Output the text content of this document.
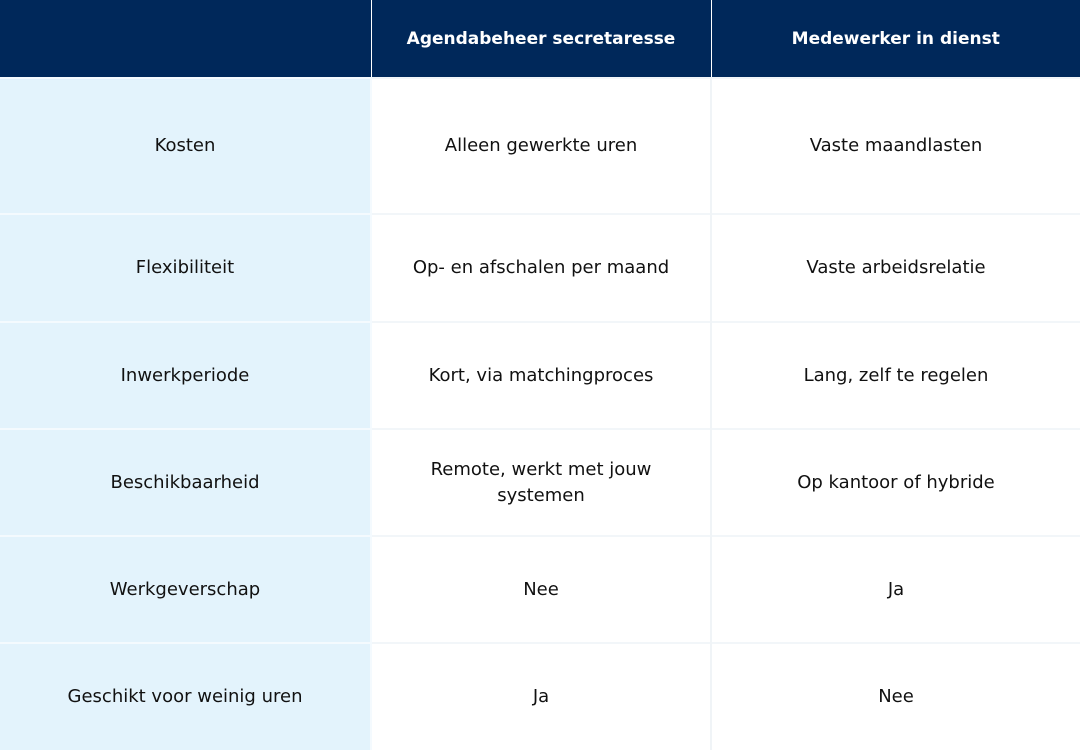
	Agendabeheer secretaresse	Medewerker in dienst
Kosten	Alleen gewerkte uren	Vaste maandlasten
Flexibiliteit	Op- en afschalen per maand	Vaste arbeidsrelatie
Inwerkperiode	Kort, via matchingproces	Lang, zelf te regelen
Beschikbaarheid	Remote, werkt met jouw systemen	Op kantoor of hybride
Werkgeverschap	Nee	Ja
Geschikt voor weinig uren	Ja	Nee
